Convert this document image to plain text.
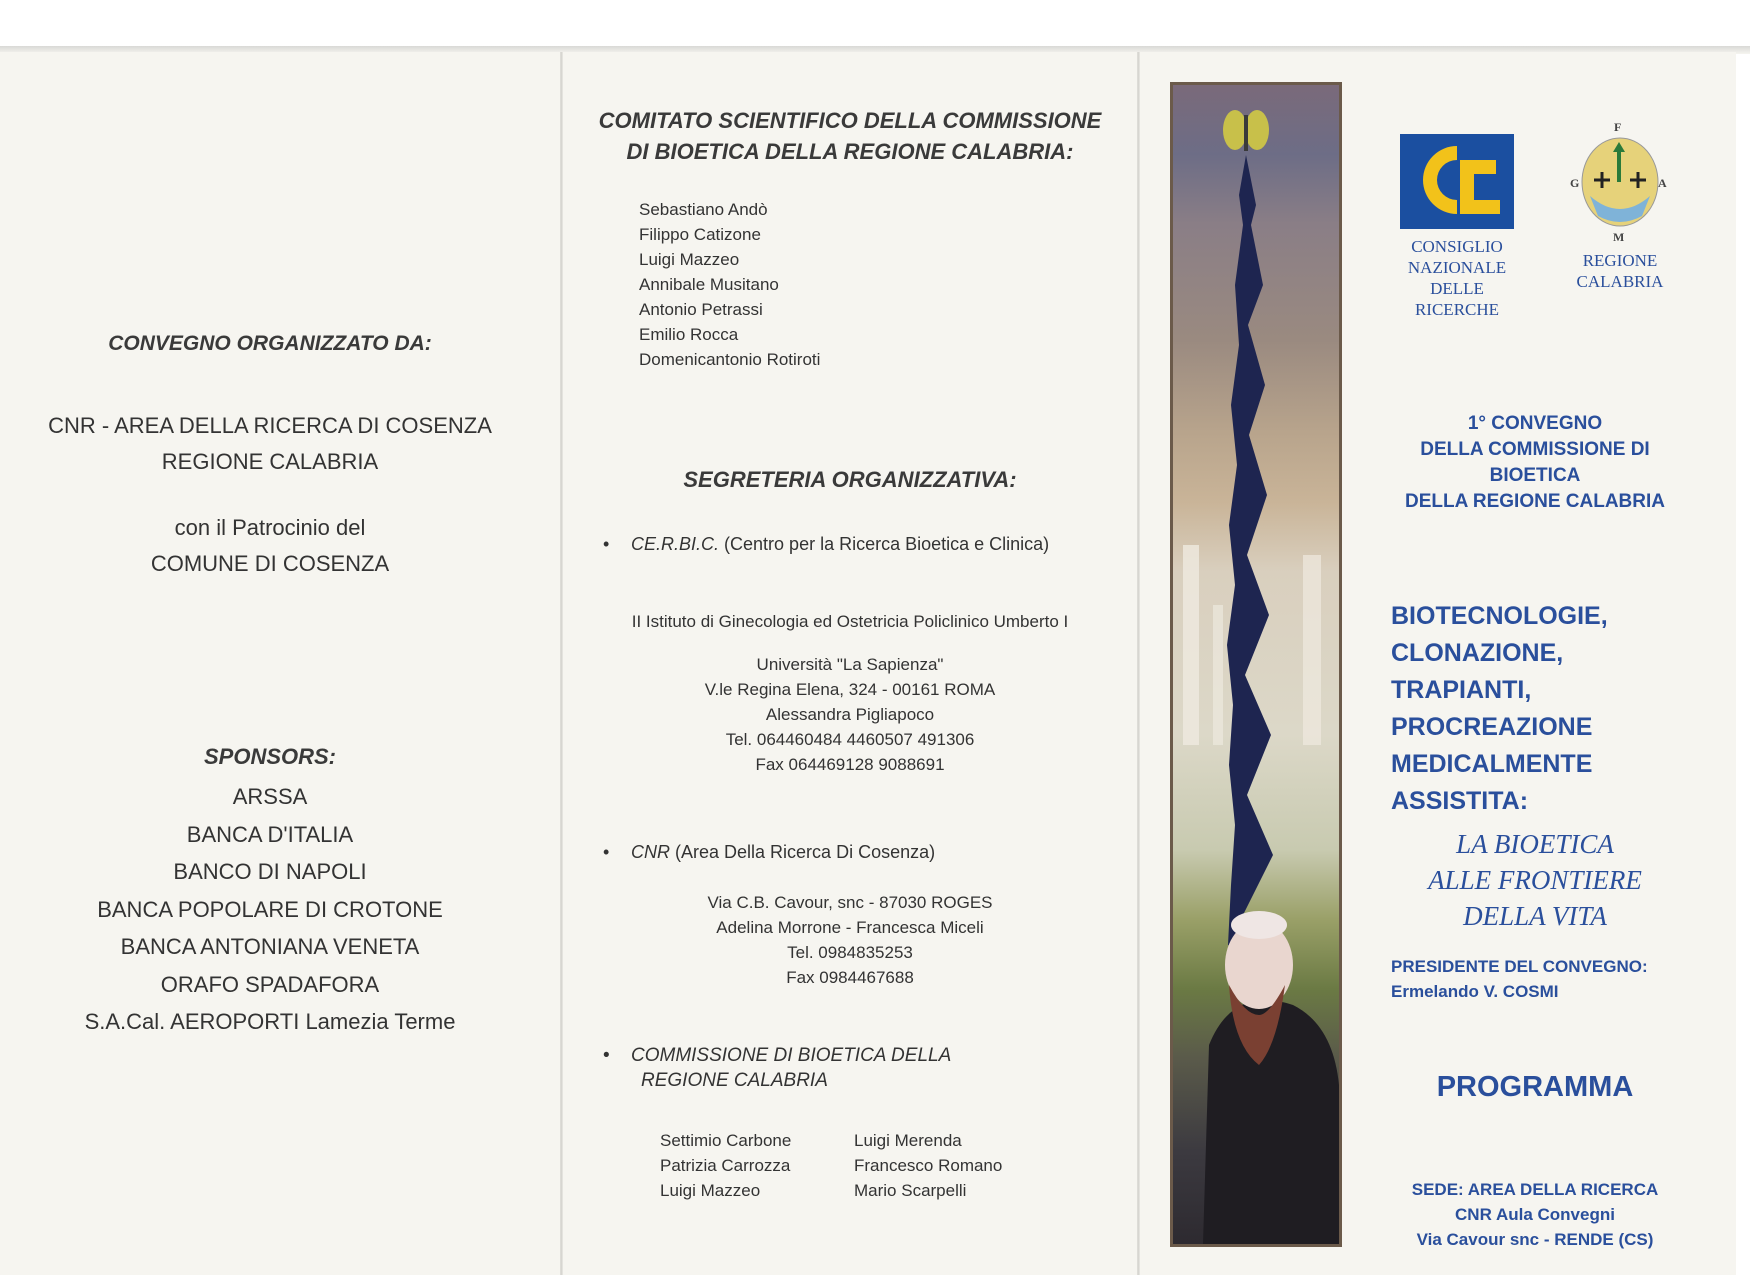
CONVEGNO ORGANIZZATO DA:
CNR - AREA DELLA RICERCA DI COSENZA
REGIONE CALABRIA
con il Patrocinio del
COMUNE DI COSENZA
SPONSORS:
ARSSA
BANCA D'ITALIA
BANCO DI NAPOLI
BANCA POPOLARE DI CROTONE
BANCA ANTONIANA VENETA
ORAFO SPADAFORA
S.A.Cal. AEROPORTI Lamezia Terme
COMITATO SCIENTIFICO DELLA COMMISSIONE
DI BIOETICA DELLA REGIONE CALABRIA:
Sebastiano Andò
Filippo Catizone
Luigi Mazzeo
Annibale Musitano
Antonio Petrassi
Emilio Rocca
Domenicantonio Rotiroti
SEGRETERIA ORGANIZZATIVA:
• CE.R.BI.C. (Centro per la Ricerca Bioetica e Clinica)
II Istituto di Ginecologia ed Ostetricia Policlinico Umberto I
Università "La Sapienza"
V.le Regina Elena, 324 - 00161 ROMA
Alessandra Pigliapoco
Tel. 064460484 4460507 491306
Fax 064469128 9088691
• CNR (Area Della Ricerca Di Cosenza)
Via C.B. Cavour, snc - 87030 ROGES
Adelina Morrone - Francesca Miceli
Tel. 0984835253
Fax 0984467688
• COMMISSIONE DI BIOETICA DELLA
REGIONE CALABRIA
Settimio Carbone
Patrizia Carrozza
Luigi Mazzeo
Luigi Merenda
Francesco Romano
Mario Scarpelli
CONSIGLIO
NAZIONALE
DELLE
RICERCHE
F
G	A
M
REGIONE
CALABRIA
1° CONVEGNO
DELLA COMMISSIONE DI
BIOETICA
DELLA REGIONE CALABRIA
BIOTECNOLOGIE,
CLONAZIONE,
TRAPIANTI,
PROCREAZIONE
MEDICALMENTE
ASSISTITA:
LA BIOETICA
ALLE FRONTIERE
DELLA VITA
PRESIDENTE DEL CONVEGNO:
Ermelando V. COSMI
PROGRAMMA
SEDE: AREA DELLA RICERCA
CNR Aula Convegni
Via Cavour snc - RENDE (CS)
